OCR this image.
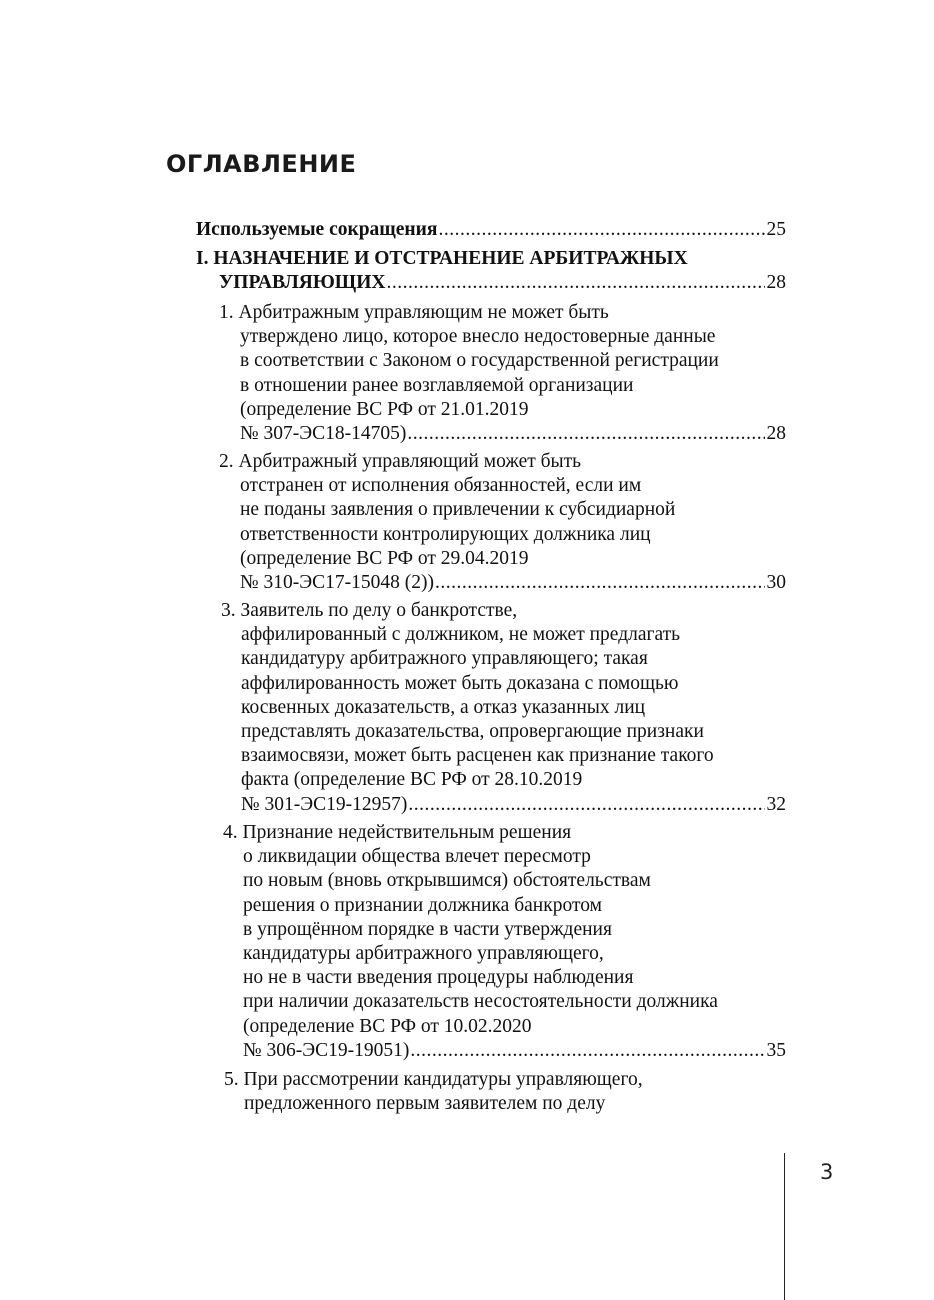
ОГЛАВЛЕНИЕ
Используемые сокращения .....	25
I. НАЗНАЧЕНИЕ И ОТСТРАНЕНИЕ АРБИТРАЖНЫХ
УПРАВЛЯЮЩИХ .....	28
1. Арбитражным управляющим не может быть
утверждено лицо, которое внесло недостоверные данные
в соответствии с Законом о государственной регистрации
в отношении ранее возглавляемой организации
(определение ВС РФ от 21.01.2019
№ 307-ЭС18-14705) .....	28
2. Арбитражный управляющий может быть
отстранен от исполнения обязанностей, если им
не поданы заявления о привлечении к субсидиарной
ответственности контролирующих должника лиц
(определение ВС РФ от 29.04.2019
№ 310-ЭС17-15048 (2)) .....	30
3. Заявитель по делу о банкротстве,
аффилированный с должником, не может предлагать
кандидатуру арбитражного управляющего; такая
аффилированность может быть доказана с помощью
косвенных доказательств, а отказ указанных лиц
представлять доказательства, опровергающие признаки
взаимосвязи, может быть расценен как признание такого
факта (определение ВС РФ от 28.10.2019
№ 301-ЭС19-12957) .....	32
4. Признание недействительным решения
о ликвидации общества влечет пересмотр
по новым (вновь открывшимся) обстоятельствам
решения о признании должника банкротом
в упрощённом порядке в части утверждения
кандидатуры арбитражного управляющего,
но не в части введения процедуры наблюдения
при наличии доказательств несостоятельности должника
(определение ВС РФ от 10.02.2020
№ 306-ЭС19-19051) .....	35
5. При рассмотрении кандидатуры управляющего,
предложенного первым заявителем по делу
3
